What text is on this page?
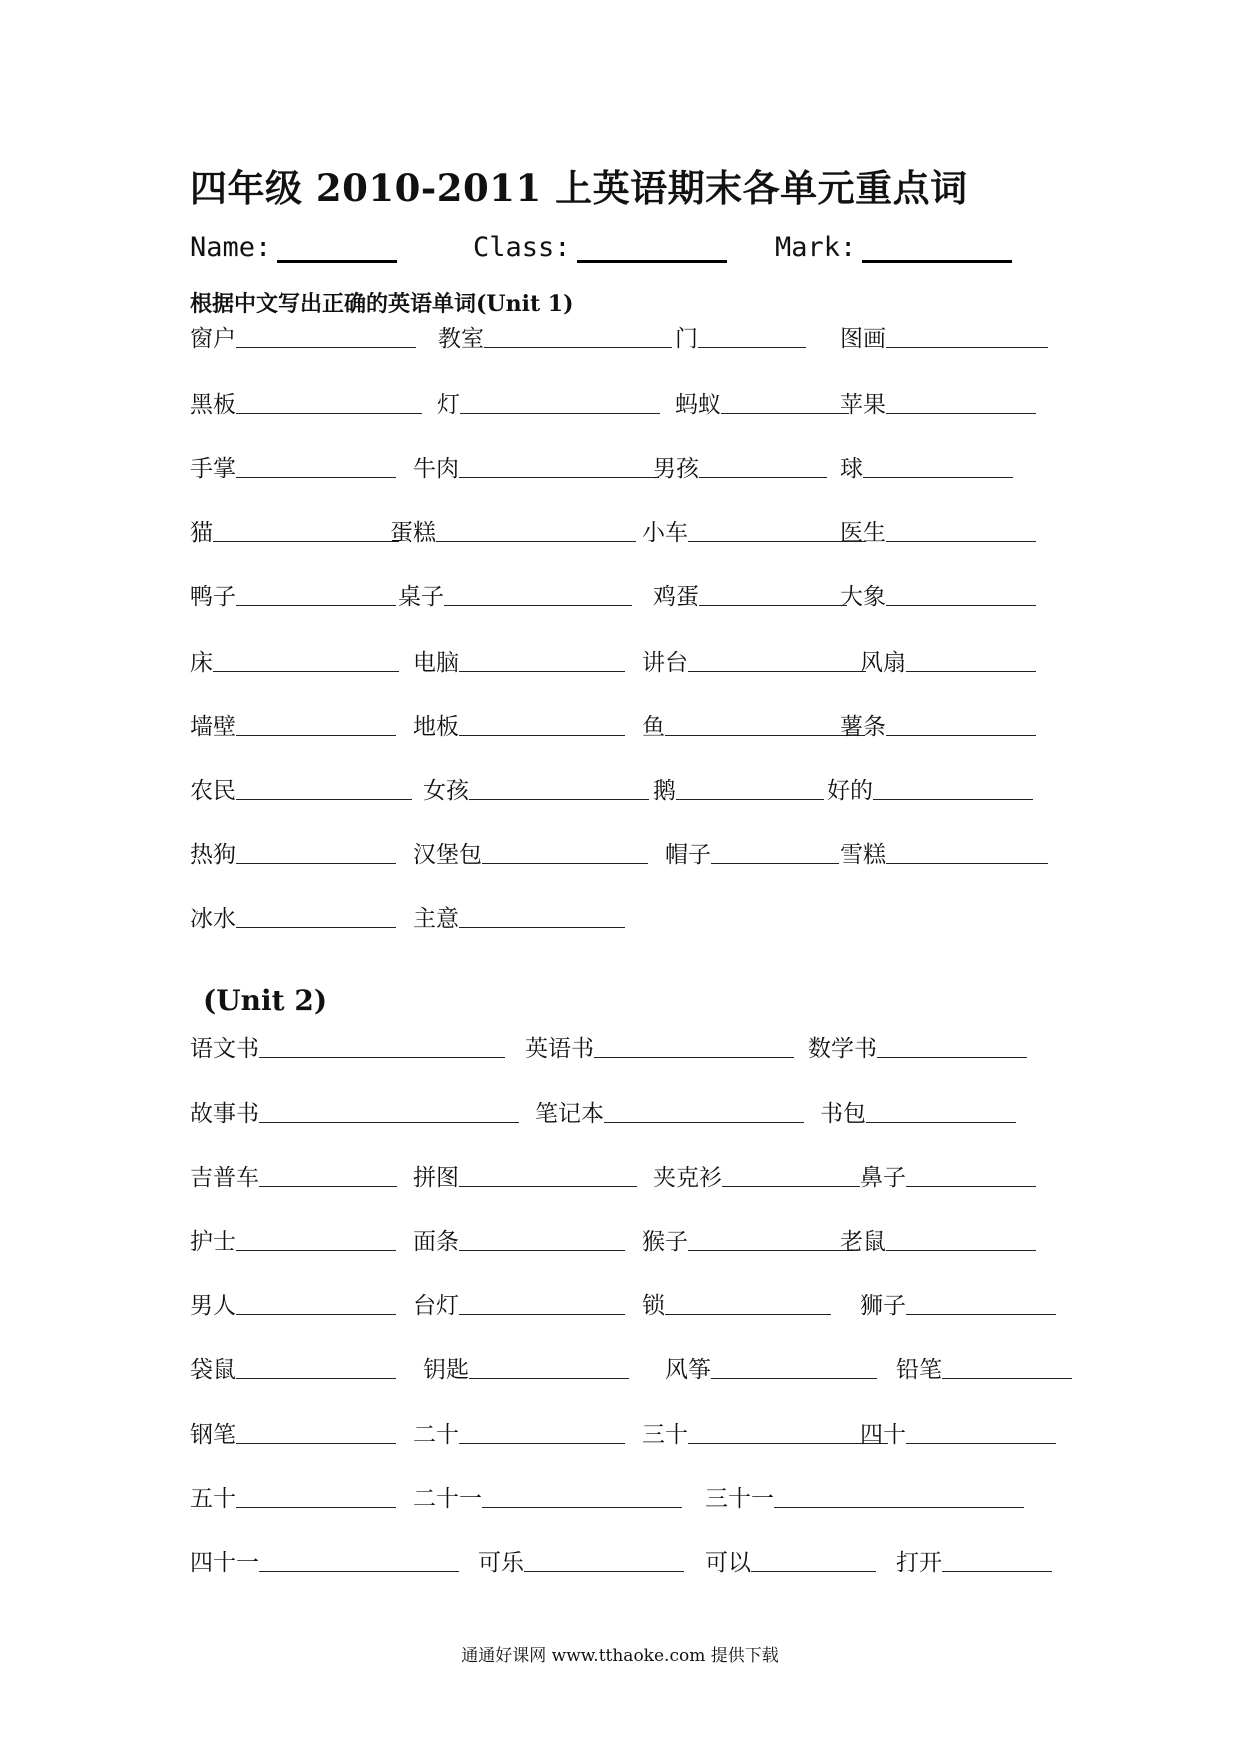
四年级 2010-2011 上英语期末各单元重点词
Name:	Class:	Mark:
根据中文写出正确的英语单词(Unit 1)
窗户	教室	门	图画
黑板	灯	蚂蚁	苹果
手掌	牛肉	男孩	球
猫	蛋糕	小车	医生
鸭子	桌子	鸡蛋	大象
床	电脑	讲台	风扇
墙壁	地板	鱼	薯条
农民	女孩	鹅	好的
热狗	汉堡包	帽子	雪糕
冰水	主意
(Unit 2)
语文书	英语书	数学书
故事书	笔记本	书包
吉普车	拼图	夹克衫	鼻子
护士	面条	猴子	老鼠
男人	台灯	锁	狮子
袋鼠	钥匙	风筝	铅笔
钢笔	二十	三十	四十
五十	二十一	三十一
四十一	可乐	可以	打开
通通好课网 www.tthaoke.com 提供下载
